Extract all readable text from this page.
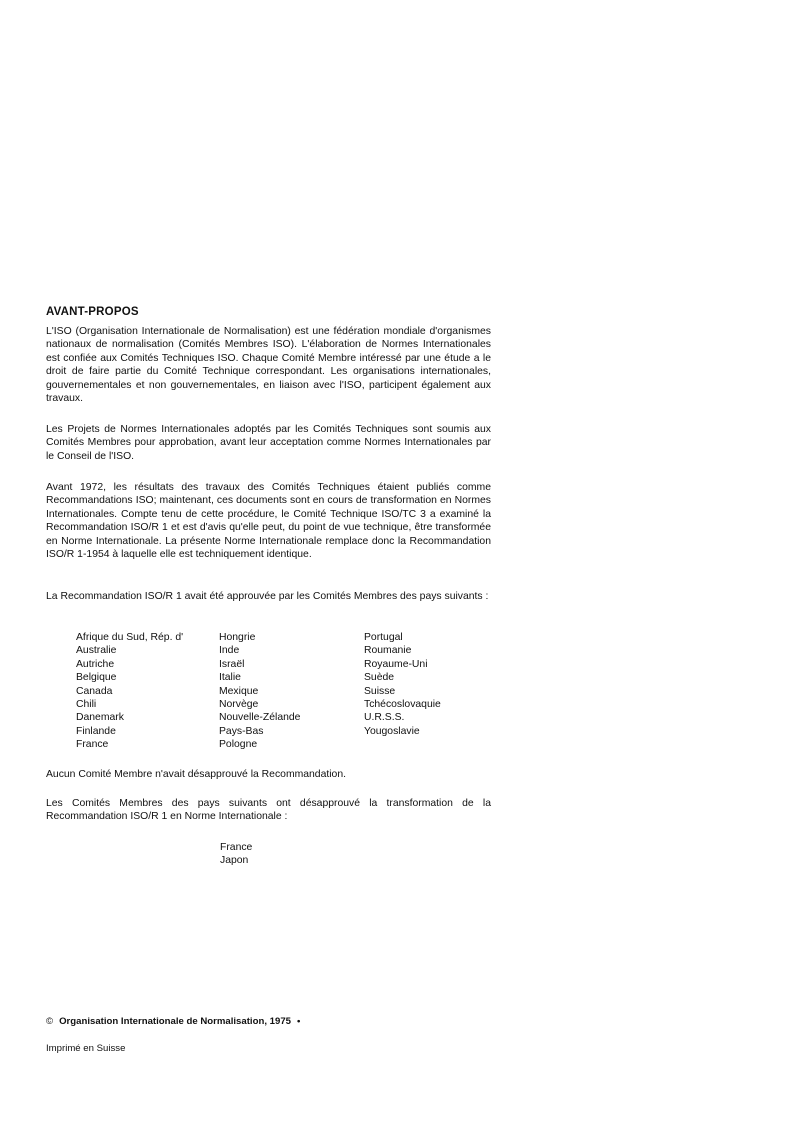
AVANT-PROPOS

L'ISO (Organisation Internationale de Normalisation) est une fédération mondiale d'organismes nationaux de normalisation (Comités Membres ISO). L'élaboration de Normes Internationales est confiée aux Comités Techniques ISO. Chaque Comité Membre intéressé par une étude a le droit de faire partie du Comité Technique correspondant. Les organisations internationales, gouvernementales et non gouvernementales, en liaison avec l'ISO, participent également aux travaux.

Les Projets de Normes Internationales adoptés par les Comités Techniques sont soumis aux Comités Membres pour approbation, avant leur acceptation comme Normes Internationales par le Conseil de l'ISO.

Avant 1972, les résultats des travaux des Comités Techniques étaient publiés comme Recommandations ISO; maintenant, ces documents sont en cours de transformation en Normes Internationales. Compte tenu de cette procédure, le Comité Technique ISO/TC 3 a examiné la Recommandation ISO/R 1 et est d'avis qu'elle peut, du point de vue technique, être transformée en Norme Internationale. La présente Norme Internationale remplace donc la Recommandation ISO/R 1-1954 à laquelle elle est techniquement identique.

La Recommandation ISO/R 1 avait été approuvée par les Comités Membres des pays suivants :

Afrique du Sud, Rép. d'
Australie
Autriche
Belgique
Canada
Chili
Danemark
Finlande
France
Hongrie
Inde
Israël
Italie
Mexique
Norvège
Nouvelle-Zélande
Pays-Bas
Pologne
Portugal
Roumanie
Royaume-Uni
Suède
Suisse
Tchécoslovaquie
U.R.S.S.
Yougoslavie

Aucun Comité Membre n'avait désapprouvé la Recommandation.

Les Comités Membres des pays suivants ont désapprouvé la transformation de la Recommandation ISO/R 1 en Norme Internationale :

France
Japon
© Organisation Internationale de Normalisation, 1975 •
Imprimé en Suisse
